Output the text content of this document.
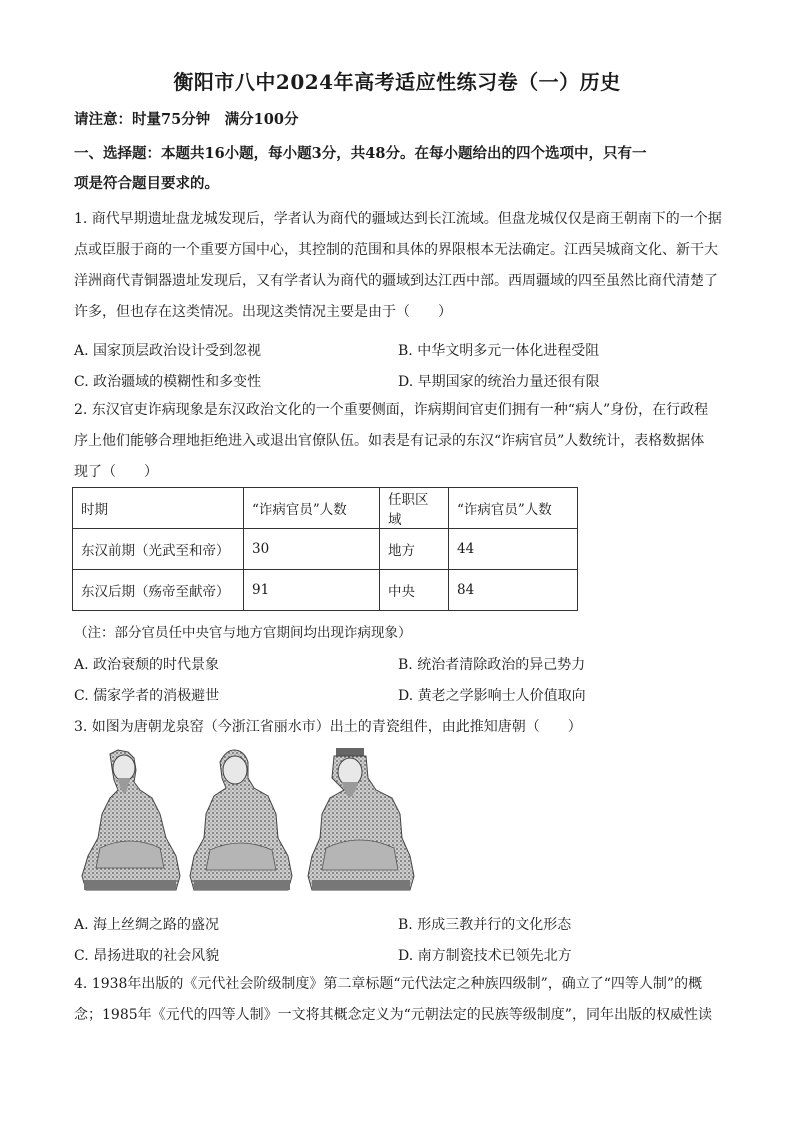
衡阳市八中2024年高考适应性练习卷（一）历史
请注意：时量75分钟　满分100分
一、选择题：本题共16小题，每小题3分，共48分。在每小题给出的四个选项中，只有一
项是符合题目要求的。
1. 商代早期遗址盘龙城发现后，学者认为商代的疆域达到长江流域。但盘龙城仅仅是商王朝南下的一个据
点或臣服于商的一个重要方国中心，其控制的范围和具体的界限根本无法确定。江西吴城商文化、新干大
洋洲商代青铜器遗址发现后，又有学者认为商代的疆域到达江西中部。西周疆域的四至虽然比商代清楚了
许多，但也存在这类情况。出现这类情况主要是由于（　　）
A. 国家顶层政治设计受到忽视	B. 中华文明多元一体化进程受阻
C. 政治疆域的模糊性和多变性	D. 早期国家的统治力量还很有限
2. 东汉官吏诈病现象是东汉政治文化的一个重要侧面，诈病期间官吏们拥有一种“病人”身份，在行政程
序上他们能够合理地拒绝进入或退出官僚队伍。如表是有记录的东汉“诈病官员”人数统计，表格数据体
现了（　　）
时期	“诈病官员”人数	任职区域	“诈病官员”人数
东汉前期（光武至和帝）	30	地方	44
东汉后期（殇帝至献帝）	91	中央	84
（注：部分官员任中央官与地方官期间均出现诈病现象）
A. 政治衰颓的时代景象	B. 统治者清除政治的异己势力
C. 儒家学者的消极避世	D. 黄老之学影响士人价值取向
3. 如图为唐朝龙泉窑（今浙江省丽水市）出土的青瓷组件，由此推知唐朝（　　）
A. 海上丝绸之路的盛况	B. 形成三教并行的文化形态
C. 昂扬进取的社会风貌	D. 南方制瓷技术已领先北方
4. 1938年出版的《元代社会阶级制度》第二章标题“元代法定之种族四级制”，确立了“四等人制”的概
念；1985年《元代的四等人制》一文将其概念定义为“元朝法定的民族等级制度”，同年出版的权威性读
